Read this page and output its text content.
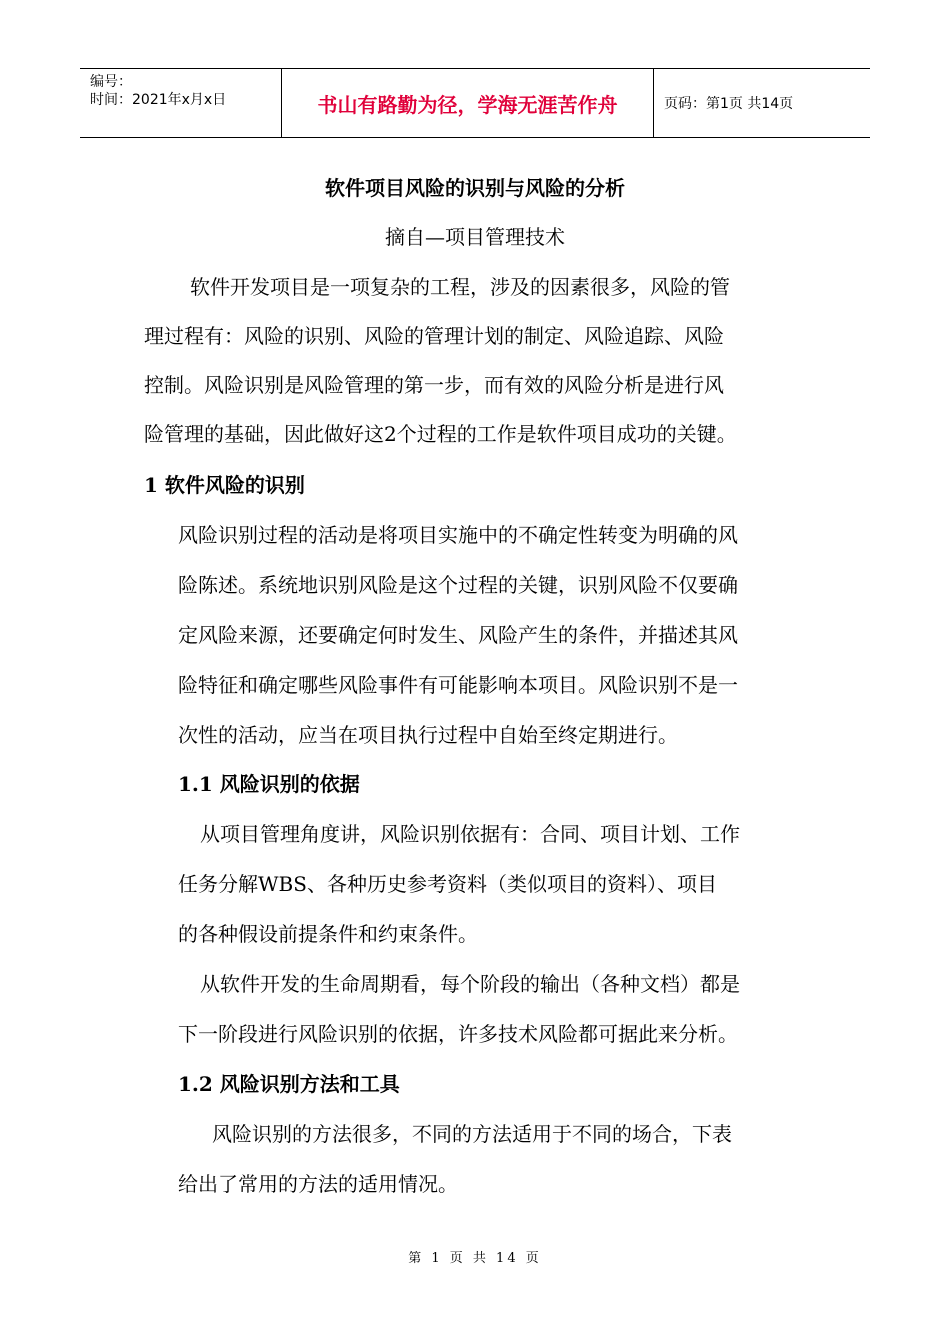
编号：
时间：2021年x月x日	书山有路勤为径，学海无涯苦作舟	页码：第1页 共14页
软件项目风险的识别与风险的分析
摘自—项目管理技术
软件开发项目是一项复杂的工程，涉及的因素很多，风险的管
理过程有：风险的识别、风险的管理计划的制定、风险追踪、风险
控制。风险识别是风险管理的第一步，而有效的风险分析是进行风
险管理的基础，因此做好这2个过程的工作是软件项目成功的关键。
1 软件风险的识别
风险识别过程的活动是将项目实施中的不确定性转变为明确的风
险陈述。系统地识别风险是这个过程的关键，识别风险不仅要确
定风险来源，还要确定何时发生、风险产生的条件，并描述其风
险特征和确定哪些风险事件有可能影响本项目。风险识别不是一
次性的活动，应当在项目执行过程中自始至终定期进行。
1.1 风险识别的依据
从项目管理角度讲，风险识别依据有：合同、项目计划、工作
任务分解WBS、各种历史参考资料（类似项目的资料）、项目
的各种假设前提条件和约束条件。
从软件开发的生命周期看，每个阶段的输出（各种文档）都是
下一阶段进行风险识别的依据，许多技术风险都可据此来分析。
1.2 风险识别方法和工具
风险识别的方法很多，不同的方法适用于不同的场合，下表
给出了常用的方法的适用情况。
第 1 页 共 14 页
